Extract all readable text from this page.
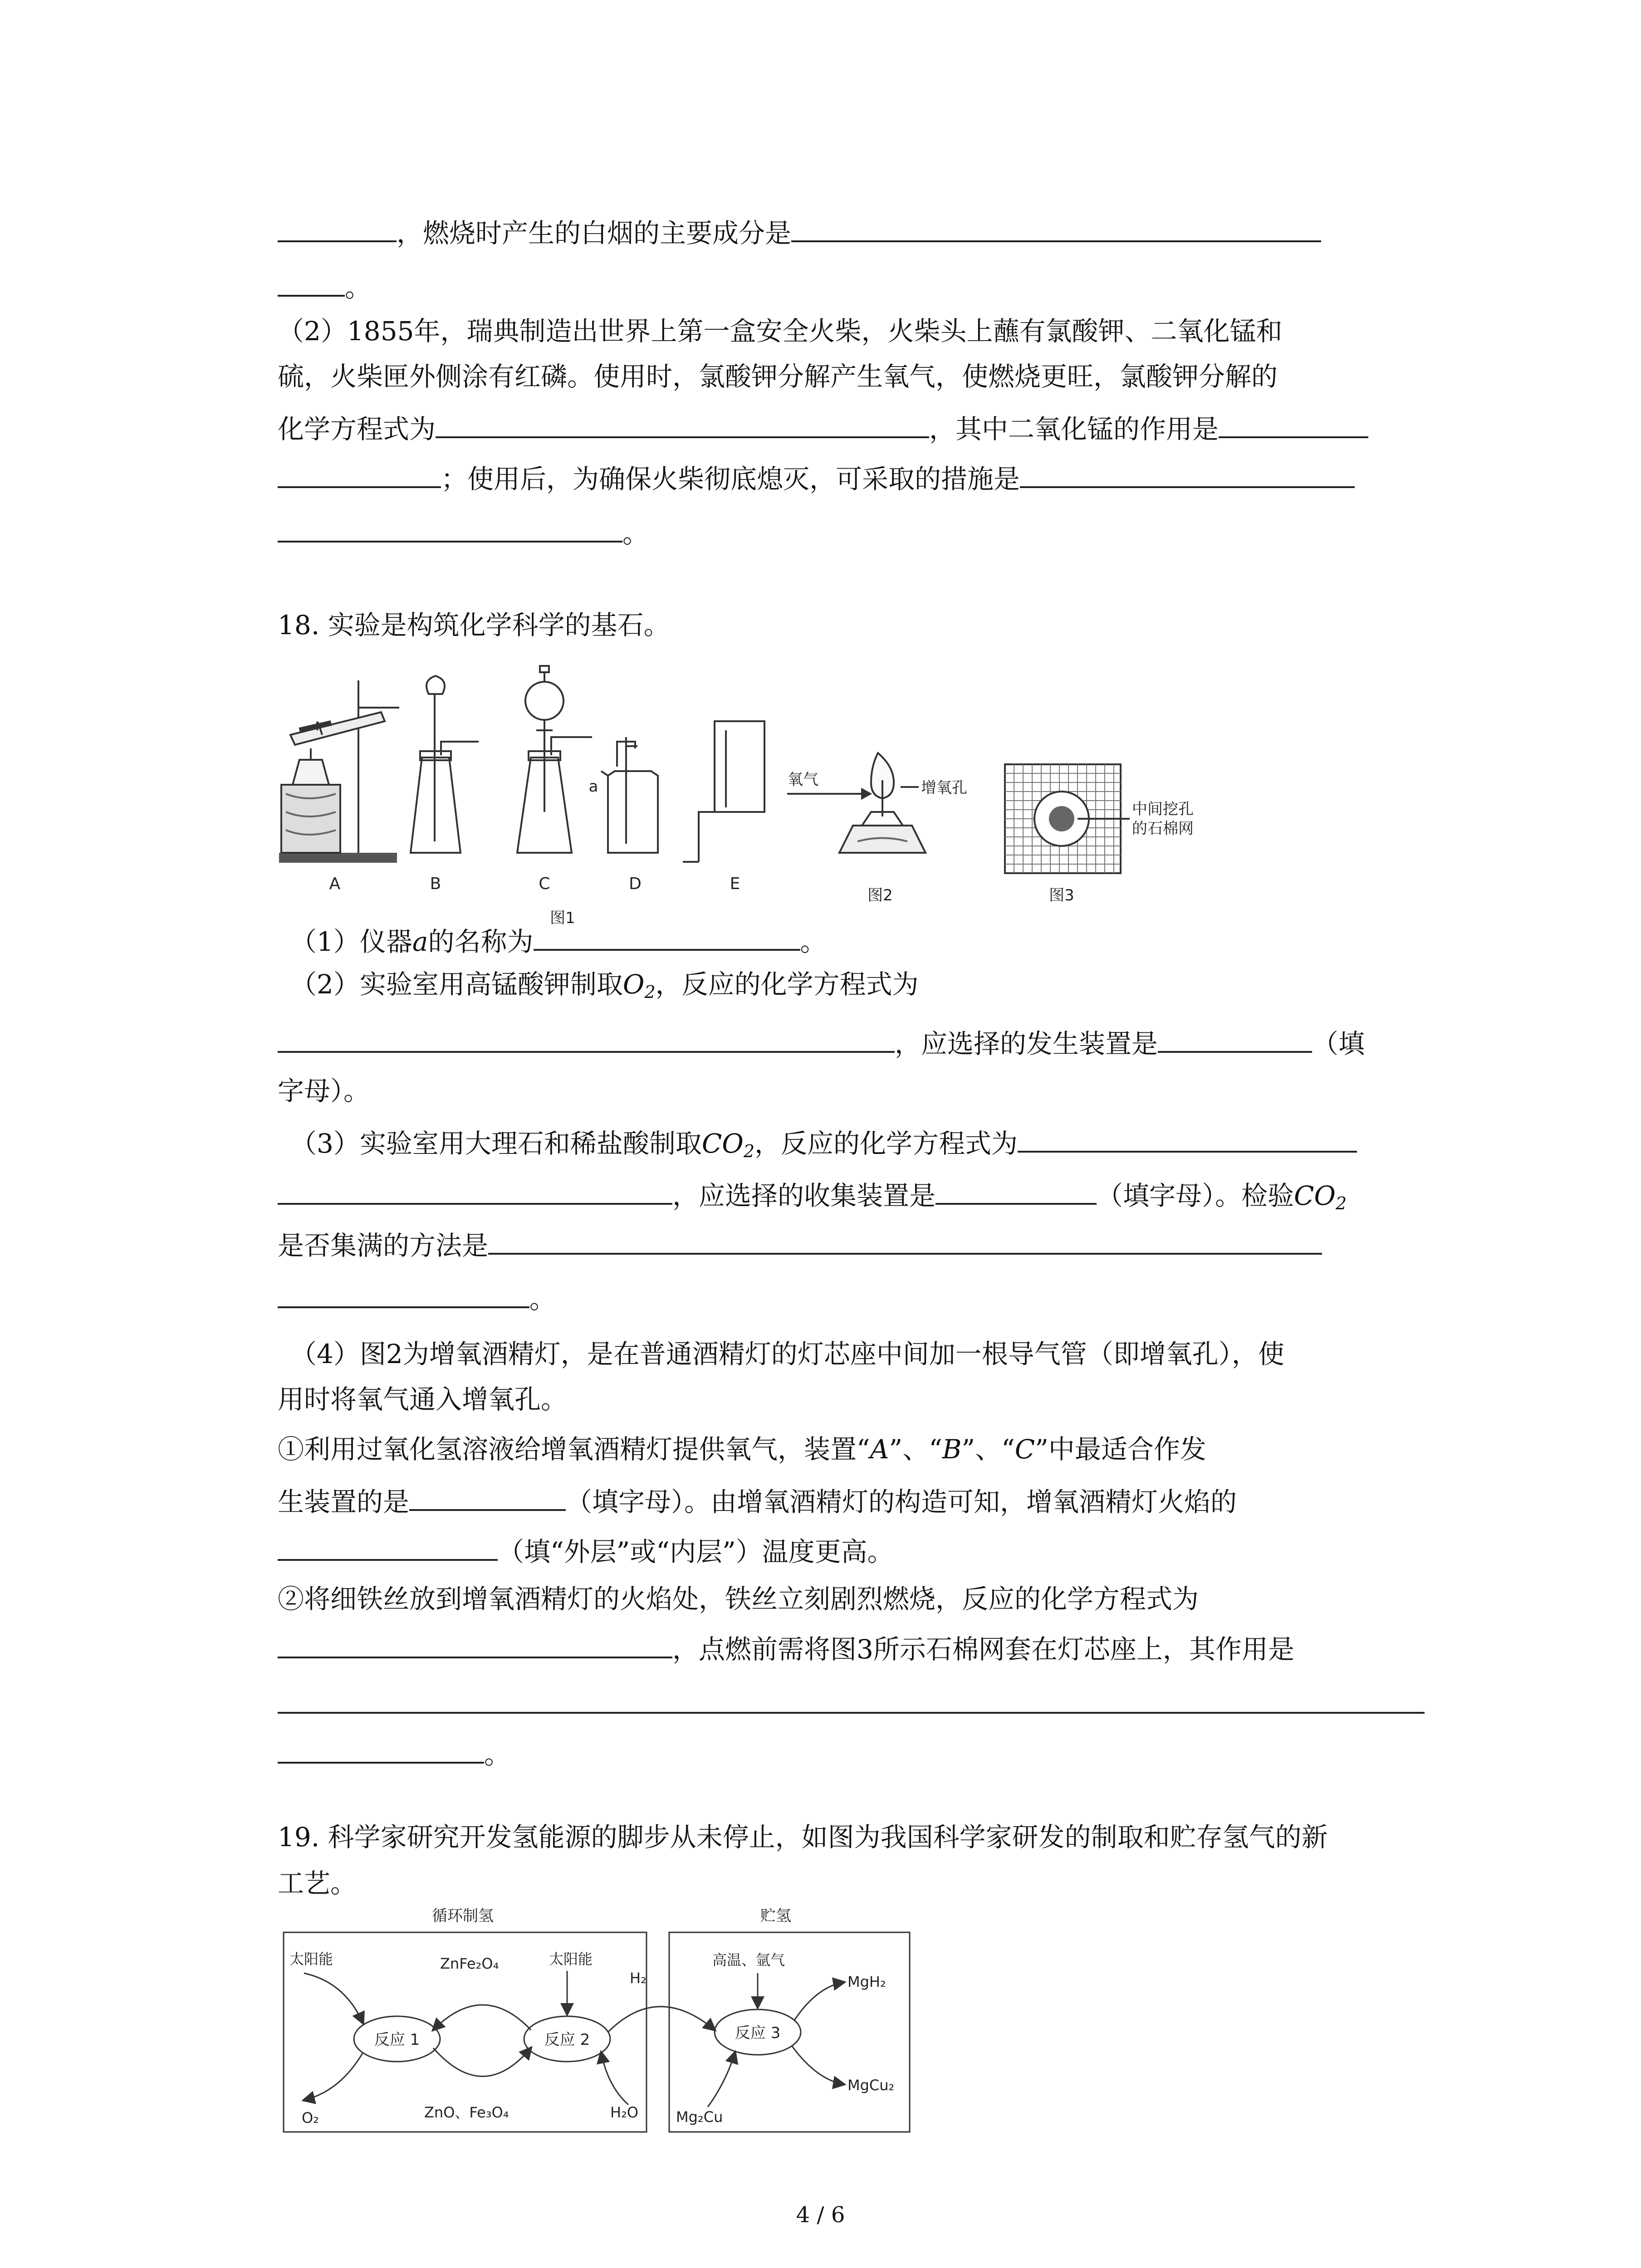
，燃烧时产生的白烟的主要成分是
。
（2）1855年，瑞典制造出世界上第一盒安全火柴，火柴头上蘸有氯酸钾、二氧化锰和
硫，火柴匣外侧涂有红磷。使用时，氯酸钾分解产生氧气，使燃烧更旺，氯酸钾分解的
化学方程式为	，其中二氧化锰的作用是
；使用后，为确保火柴彻底熄灭，可采取的措施是
。
18. 实验是构筑化学科学的基石。
A	B	C
a
D	E
图1
氧气	增氧孔
图2
中间挖孔
的石棉网
图3
（1）仪器a的名称为	。
（2）实验室用高锰酸钾制取$O_2$，反应的化学方程式为
，应选择的发生装置是	（填
字母）。
（3）实验室用大理石和稀盐酸制取$CO_2$，反应的化学方程式为
，应选择的收集装置是	（填字母）。检验$CO_2$
是否集满的方法是
。
（4）图2为增氧酒精灯，是在普通酒精灯的灯芯座中间加一根导气管（即增氧孔），使
用时将氧气通入增氧孔。
①利用过氧化氢溶液给增氧酒精灯提供氧气，装置“A”、“B”、“C”中最适合作发
生装置的是	（填字母）。由增氧酒精灯的构造可知，增氧酒精灯火焰的
（填“外层”或“内层”）温度更高。
②将细铁丝放到增氧酒精灯的火焰处，铁丝立刻剧烈燃烧，反应的化学方程式为
，点燃前需将图3所示石棉网套在灯芯座上，其作用是
。
19. 科学家研究开发氢能源的脚步从未停止，如图为我国科学家研发的制取和贮存氢气的新
工艺。
循环制氢	贮氢
反应 1	反应 2	反应 3
太阳能	ZnFe₂O₄	太阳能
H₂
O₂	ZnO、Fe₃O₄	H₂O
高温、氩气
MgH₂
Mg₂Cu
MgCu₂
4 / 6
